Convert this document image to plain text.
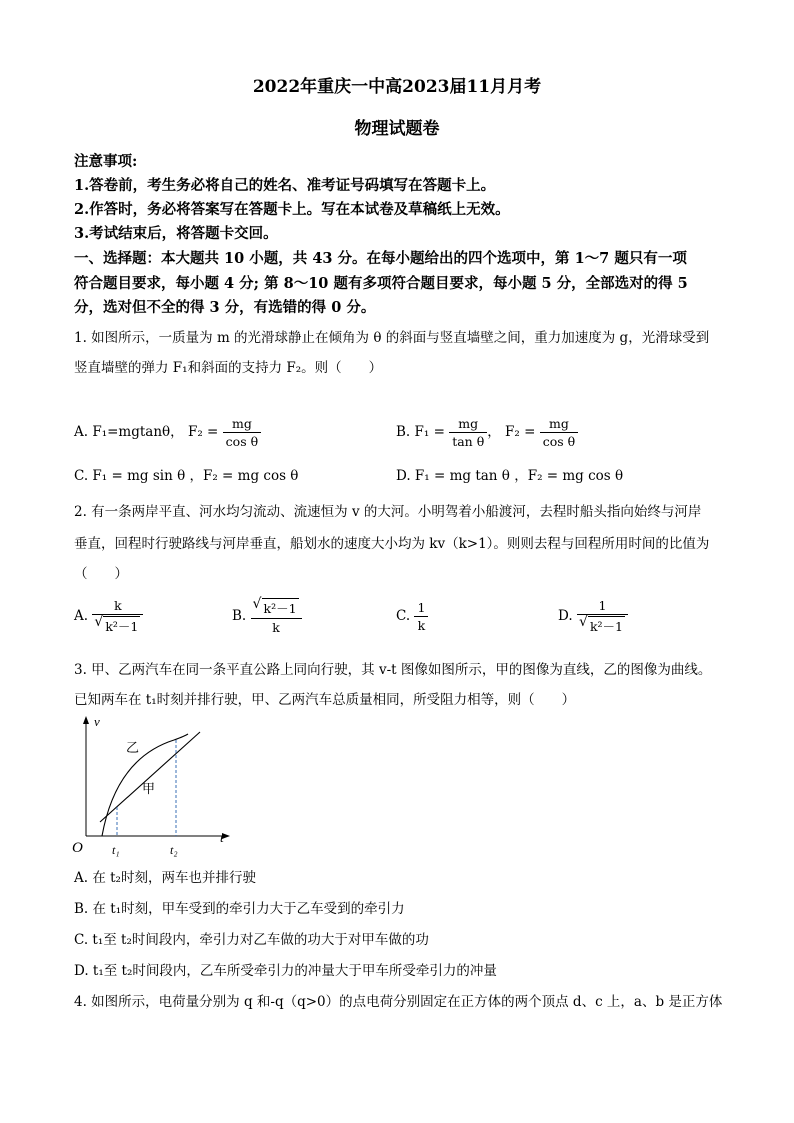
2022年重庆一中高2023届11月月考
物理试题卷
注意事项:
1.答卷前，考生务必将自己的姓名、准考证号码填写在答题卡上。
2.作答时，务必将答案写在答题卡上。写在本试卷及草稿纸上无效。
3.考试结束后，将答题卡交回。
一、选择题：本大题共 10 小题，共 43 分。在每小题给出的四个选项中，第 1～7 题只有一项
符合题目要求，每小题 4 分; 第 8～10 题有多项符合题目要求，每小题 5 分，全部选对的得 5
分，选对但不全的得 3 分，有选错的得 0 分。
1. 如图所示，一质量为 m 的光滑球静止在倾角为 θ 的斜面与竖直墙壁之间，重力加速度为 g，光滑球受到
竖直墙壁的弹力 F₁和斜面的支持力 F₂。则（　　）
A. F₁=mgtanθ， $F_2 = \frac{mg}{\text{cos θ}}$	B. $F_1 = \frac{mg}{\text{tan θ}}$ ， $F_2 = \frac{mg}{\text{cos θ}}$
C. F₁ = mg sin θ ，F₂ = mg cos θ	D. F₁ = mg tan θ ，F₂ = mg cos θ
2. 有一条两岸平直、河水均匀流动、流速恒为 v 的大河。小明驾着小船渡河，去程时船头指向始终与河岸
垂直，回程时行驶路线与河岸垂直，船划水的速度大小均为 kv（k>1）。则则去程与回程所用时间的比值为
（　　）
A. k
√ k²－1	B.
√ $\frac{\text{k²－1}}{k}$	C. $\frac{1}{k}$	D. 1
√ k²－1
3. 甲、乙两汽车在同一条平直公路上同向行驶，其 v-t 图像如图所示，甲的图像为直线，乙的图像为曲线。
已知两车在 t₁时刻并排行驶，甲、乙两汽车总质量相同，所受阻力相等，则（　　）
v
t
O t₁	t₂
乙
甲
A. 在 t₂时刻，两车也并排行驶
B. 在 t₁时刻，甲车受到的牵引力大于乙车受到的牵引力
C. t₁至 t₂时间段内，牵引力对乙车做的功大于对甲车做的功
D. t₁至 t₂时间段内，乙车所受牵引力的冲量大于甲车所受牵引力的冲量
4. 如图所示，电荷量分别为 q 和-q（q>0）的点电荷分别固定在正方体的两个顶点 d、c 上，a、b 是正方体
